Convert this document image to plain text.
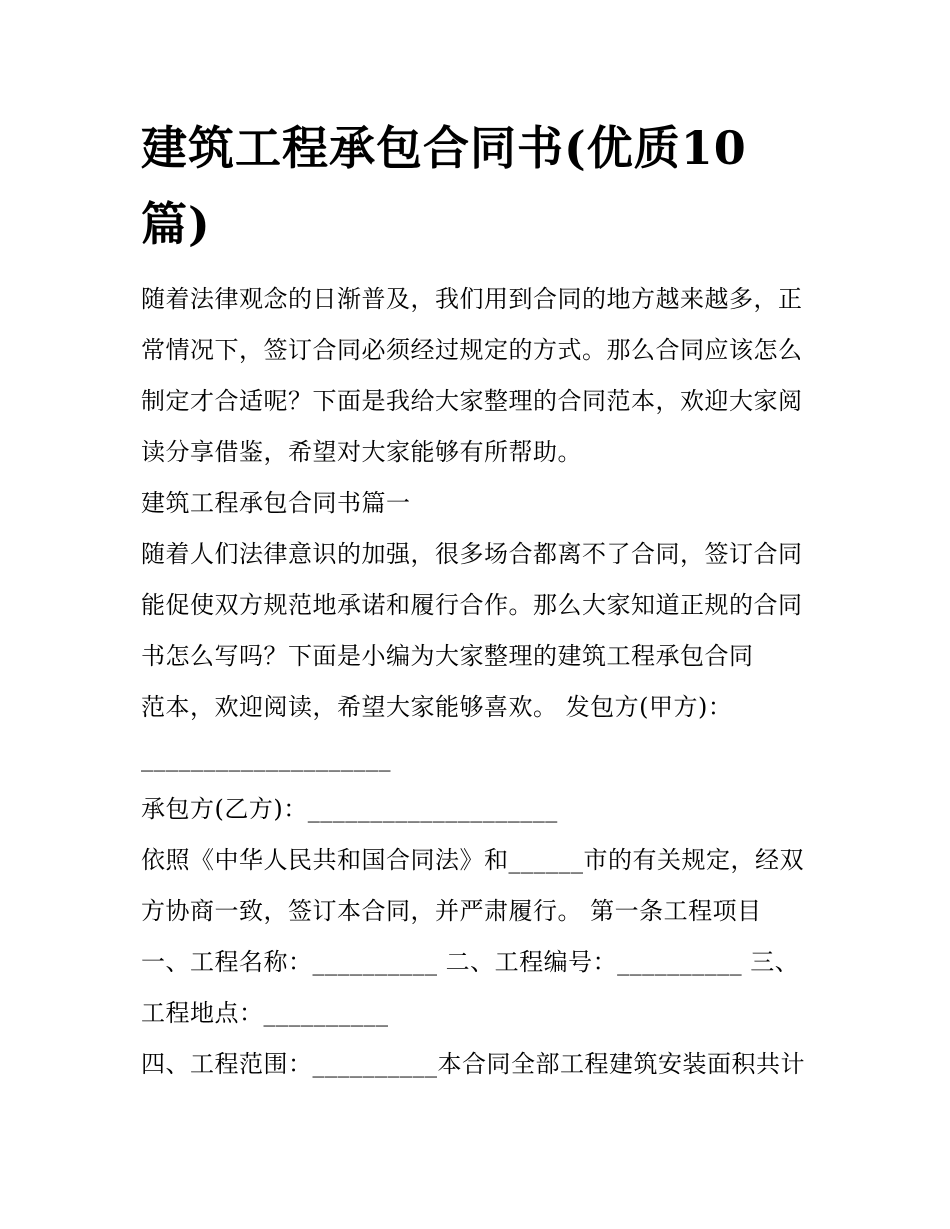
建筑工程承包合同书(优质10
篇)
随着法律观念的日渐普及，我们用到合同的地方越来越多，正
常情况下，签订合同必须经过规定的方式。那么合同应该怎么
制定才合适呢？下面是我给大家整理的合同范本，欢迎大家阅
读分享借鉴，希望对大家能够有所帮助。
建筑工程承包合同书篇一
随着人们法律意识的加强，很多场合都离不了合同，签订合同
能促使双方规范地承诺和履行合作。那么大家知道正规的合同
书怎么写吗？下面是小编为大家整理的建筑工程承包合同
范本，欢迎阅读，希望大家能够喜欢。 发包方(甲方)：
____________________
承包方(乙方)：____________________
依照《中华人民共和国合同法》和______市的有关规定，经双
方协商一致，签订本合同，并严肃履行。 第一条工程项目
一、工程名称：__________ 二、工程编号：__________ 三、
工程地点：__________
四、工程范围：__________本合同全部工程建筑安装面积共计
